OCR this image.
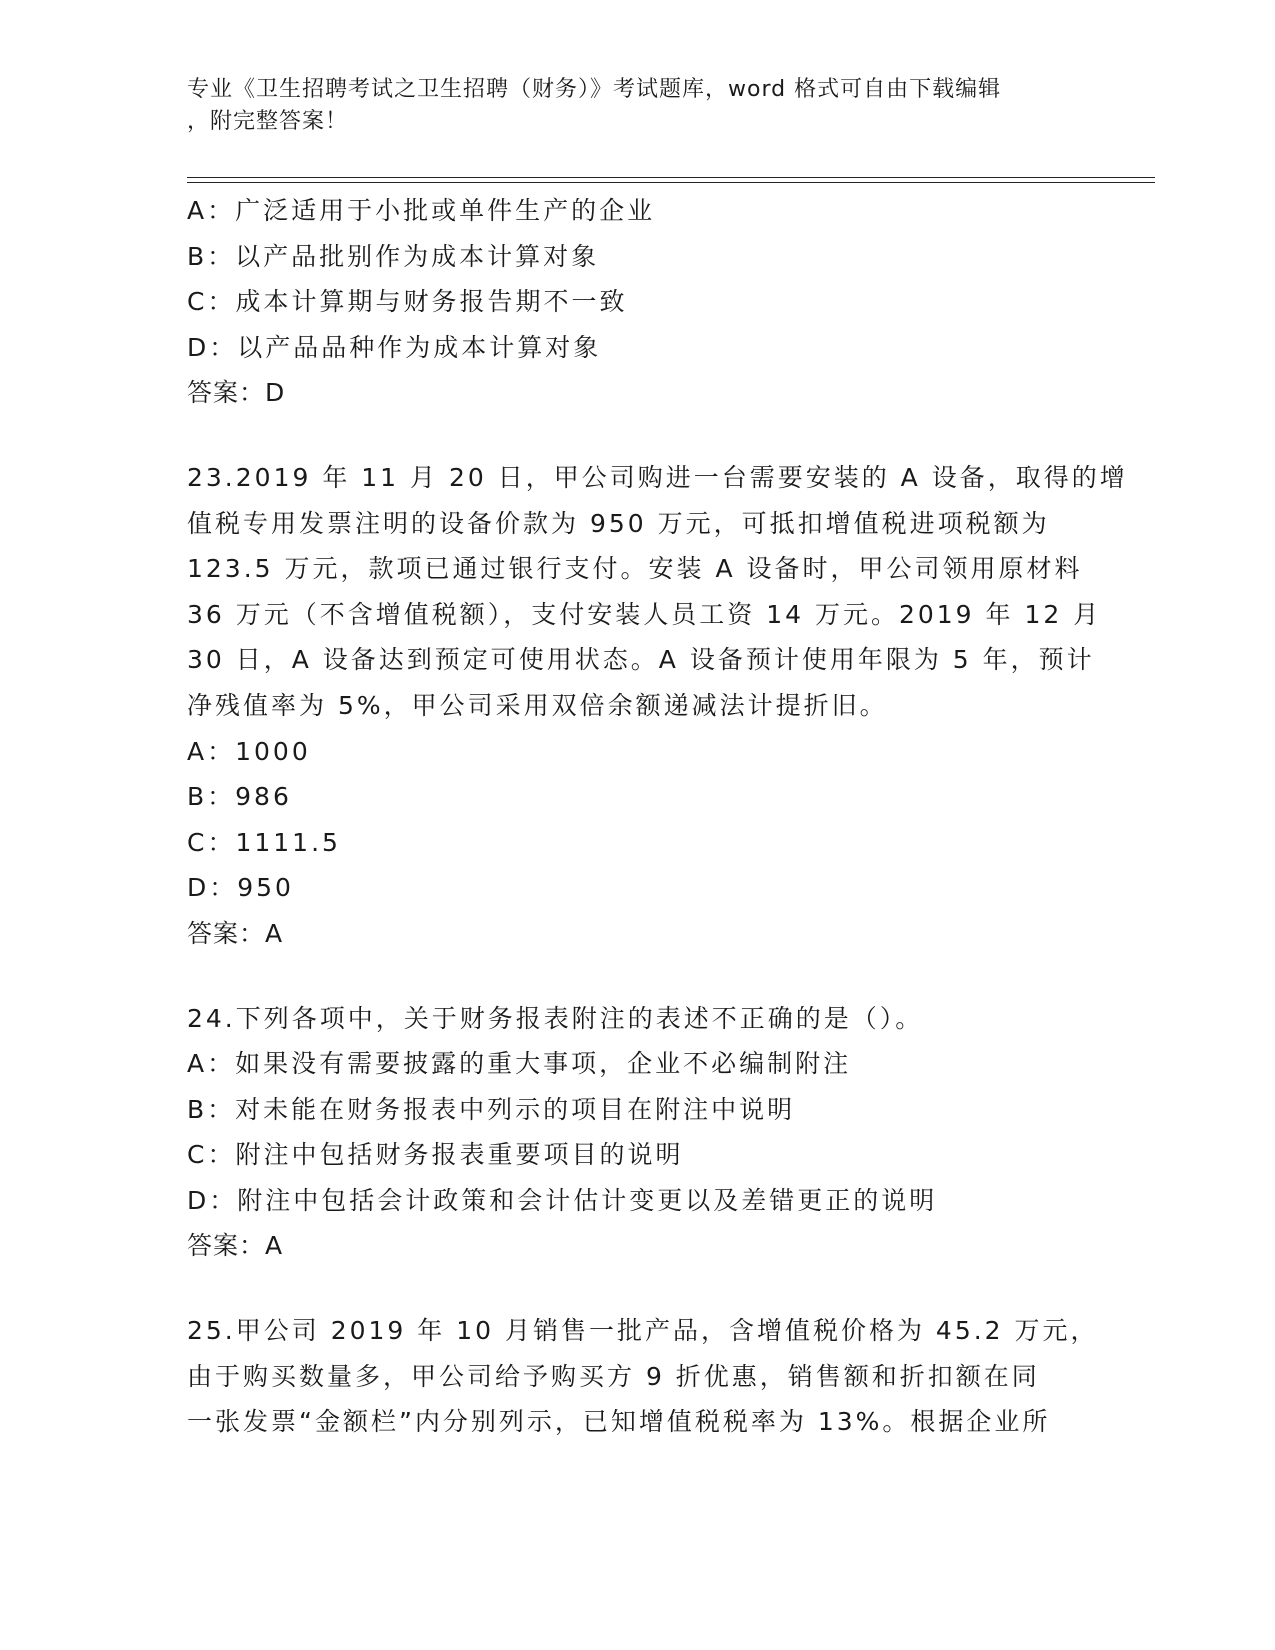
专业《卫生招聘考试之卫生招聘（财务）》考试题库，word 格式可自由下载编辑
，附完整答案！
A：广泛适用于小批或单件生产的企业
B：以产品批别作为成本计算对象
C：成本计算期与财务报告期不一致
D：以产品品种作为成本计算对象
答案：D
23.2019 年 11 月 20 日，甲公司购进一台需要安装的 A 设备，取得的增
值税专用发票注明的设备价款为 950 万元，可抵扣增值税进项税额为
123.5 万元，款项已通过银行支付。安装 A 设备时，甲公司领用原材料
36 万元（不含增值税额），支付安装人员工资 14 万元。2019 年 12 月
30 日，A 设备达到预定可使用状态。A 设备预计使用年限为 5 年，预计
净残值率为 5%，甲公司采用双倍余额递减法计提折旧。
A：1000
B：986
C：1111.5
D：950
答案：A
24.下列各项中，关于财务报表附注的表述不正确的是（）。
A：如果没有需要披露的重大事项，企业不必编制附注
B：对未能在财务报表中列示的项目在附注中说明
C：附注中包括财务报表重要项目的说明
D：附注中包括会计政策和会计估计变更以及差错更正的说明
答案：A
25.甲公司 2019 年 10 月销售一批产品，含增值税价格为 45.2 万元，
由于购买数量多，甲公司给予购买方 9 折优惠，销售额和折扣额在同
一张发票“金额栏”内分别列示，已知增值税税率为 13%。根据企业所
